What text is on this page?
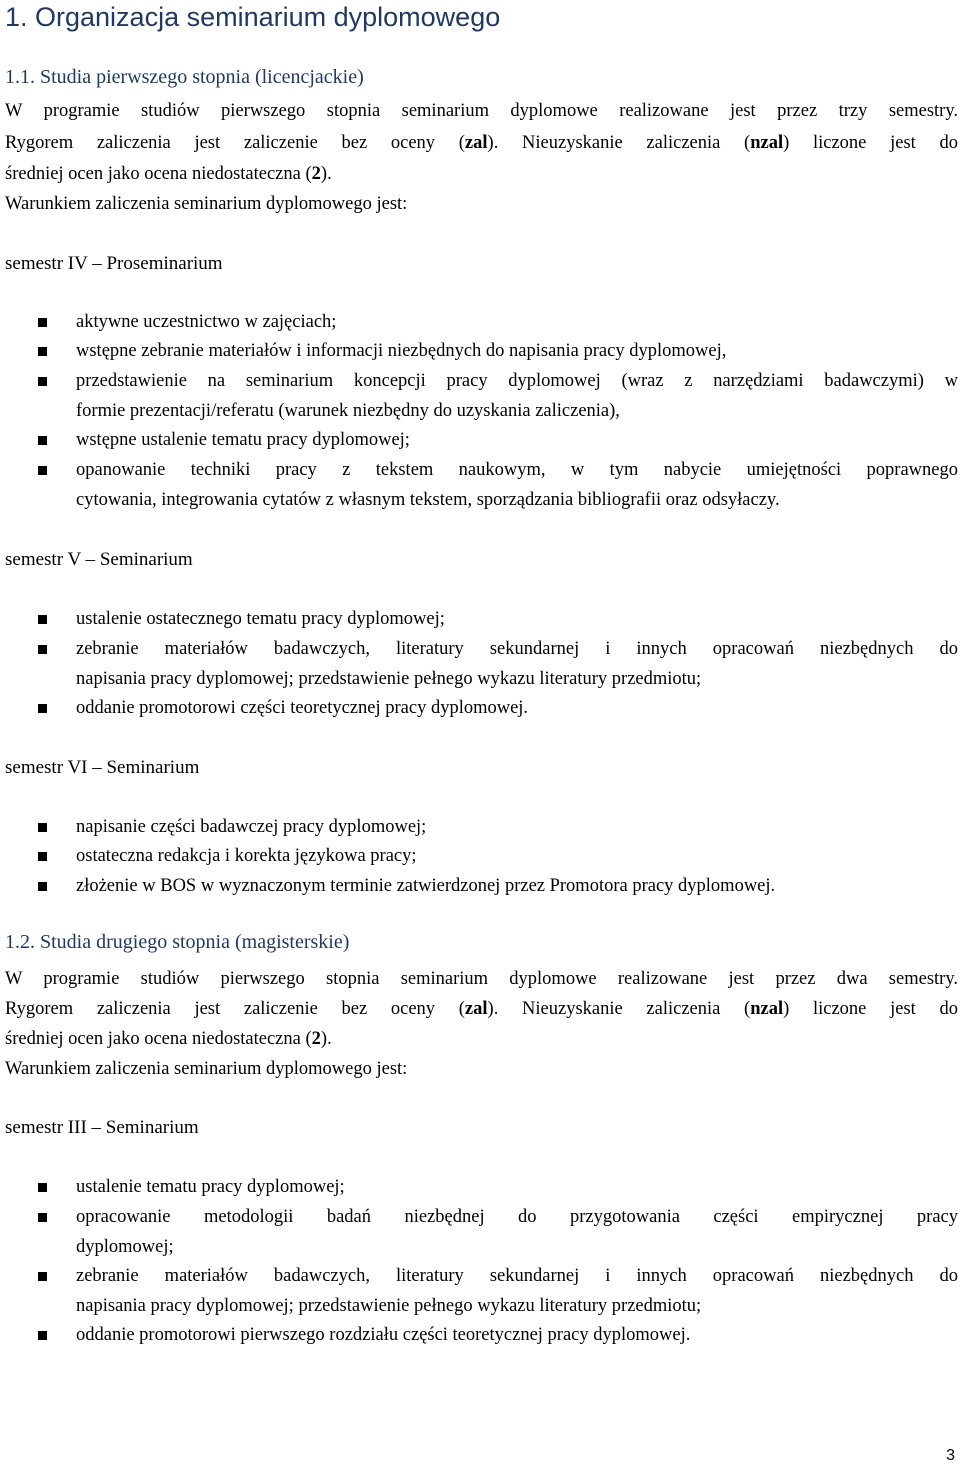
1. Organizacja seminarium dyplomowego
1.1. Studia pierwszego stopnia (licencjackie)
W programie studiów pierwszego stopnia seminarium dyplomowe realizowane jest przez trzy semestry.
Rygorem zaliczenia jest zaliczenie bez oceny (zal). Nieuzyskanie zaliczenia (nzal) liczone jest do
średniej ocen jako ocena niedostateczna (2).
Warunkiem zaliczenia seminarium dyplomowego jest:
semestr IV – Proseminarium
aktywne uczestnictwo w zajęciach;
wstępne zebranie materiałów i informacji niezbędnych do napisania pracy dyplomowej,
przedstawienie na seminarium koncepcji pracy dyplomowej (wraz z narzędziami badawczymi) w
formie prezentacji/referatu (warunek niezbędny do uzyskania zaliczenia),
wstępne ustalenie tematu pracy dyplomowej;
opanowanie techniki pracy z tekstem naukowym, w tym nabycie umiejętności poprawnego
cytowania, integrowania cytatów z własnym tekstem, sporządzania bibliografii oraz odsyłaczy.
semestr V – Seminarium
ustalenie ostatecznego tematu pracy dyplomowej;
zebranie materiałów badawczych, literatury sekundarnej i innych opracowań niezbędnych do
napisania pracy dyplomowej; przedstawienie pełnego wykazu literatury przedmiotu;
oddanie promotorowi części teoretycznej pracy dyplomowej.
semestr VI – Seminarium
napisanie części badawczej pracy dyplomowej;
ostateczna redakcja i korekta językowa pracy;
złożenie w BOS w wyznaczonym terminie zatwierdzonej przez Promotora pracy dyplomowej.
1.2. Studia drugiego stopnia (magisterskie)
W programie studiów pierwszego stopnia seminarium dyplomowe realizowane jest przez dwa semestry.
Rygorem zaliczenia jest zaliczenie bez oceny (zal). Nieuzyskanie zaliczenia (nzal) liczone jest do
średniej ocen jako ocena niedostateczna (2).
Warunkiem zaliczenia seminarium dyplomowego jest:
semestr III – Seminarium
ustalenie tematu pracy dyplomowej;
opracowanie metodologii badań niezbędnej do przygotowania części empirycznej pracy
dyplomowej;
zebranie materiałów badawczych, literatury sekundarnej i innych opracowań niezbędnych do
napisania pracy dyplomowej; przedstawienie pełnego wykazu literatury przedmiotu;
oddanie promotorowi pierwszego rozdziału części teoretycznej pracy dyplomowej.
3
